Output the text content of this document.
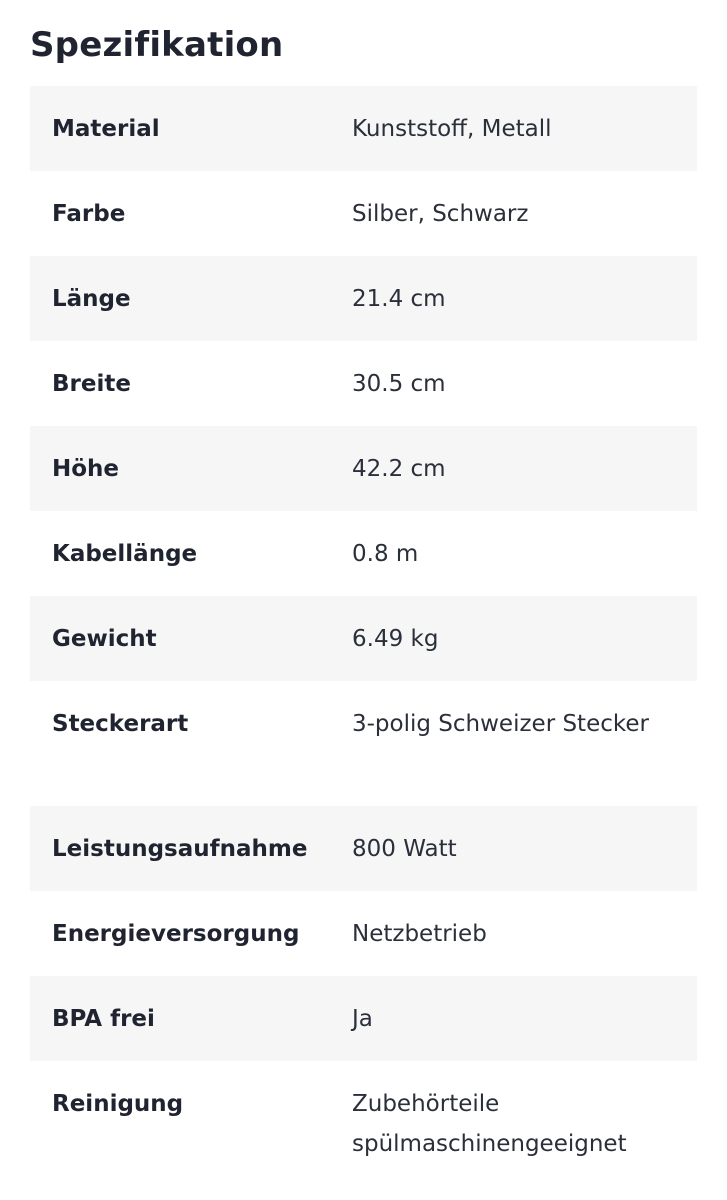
Spezifikation
Material	Kunststoff, Metall
Farbe	Silber, Schwarz
Länge	21.4 cm
Breite	30.5 cm
Höhe	42.2 cm
Kabellänge	0.8 m
Gewicht	6.49 kg
Steckerart	3-polig Schweizer Stecker
Leistungsaufnahme	800 Watt
Energieversorgung	Netzbetrieb
BPA frei	Ja
Reinigung	Zubehörteile spülmaschinengeeignet
